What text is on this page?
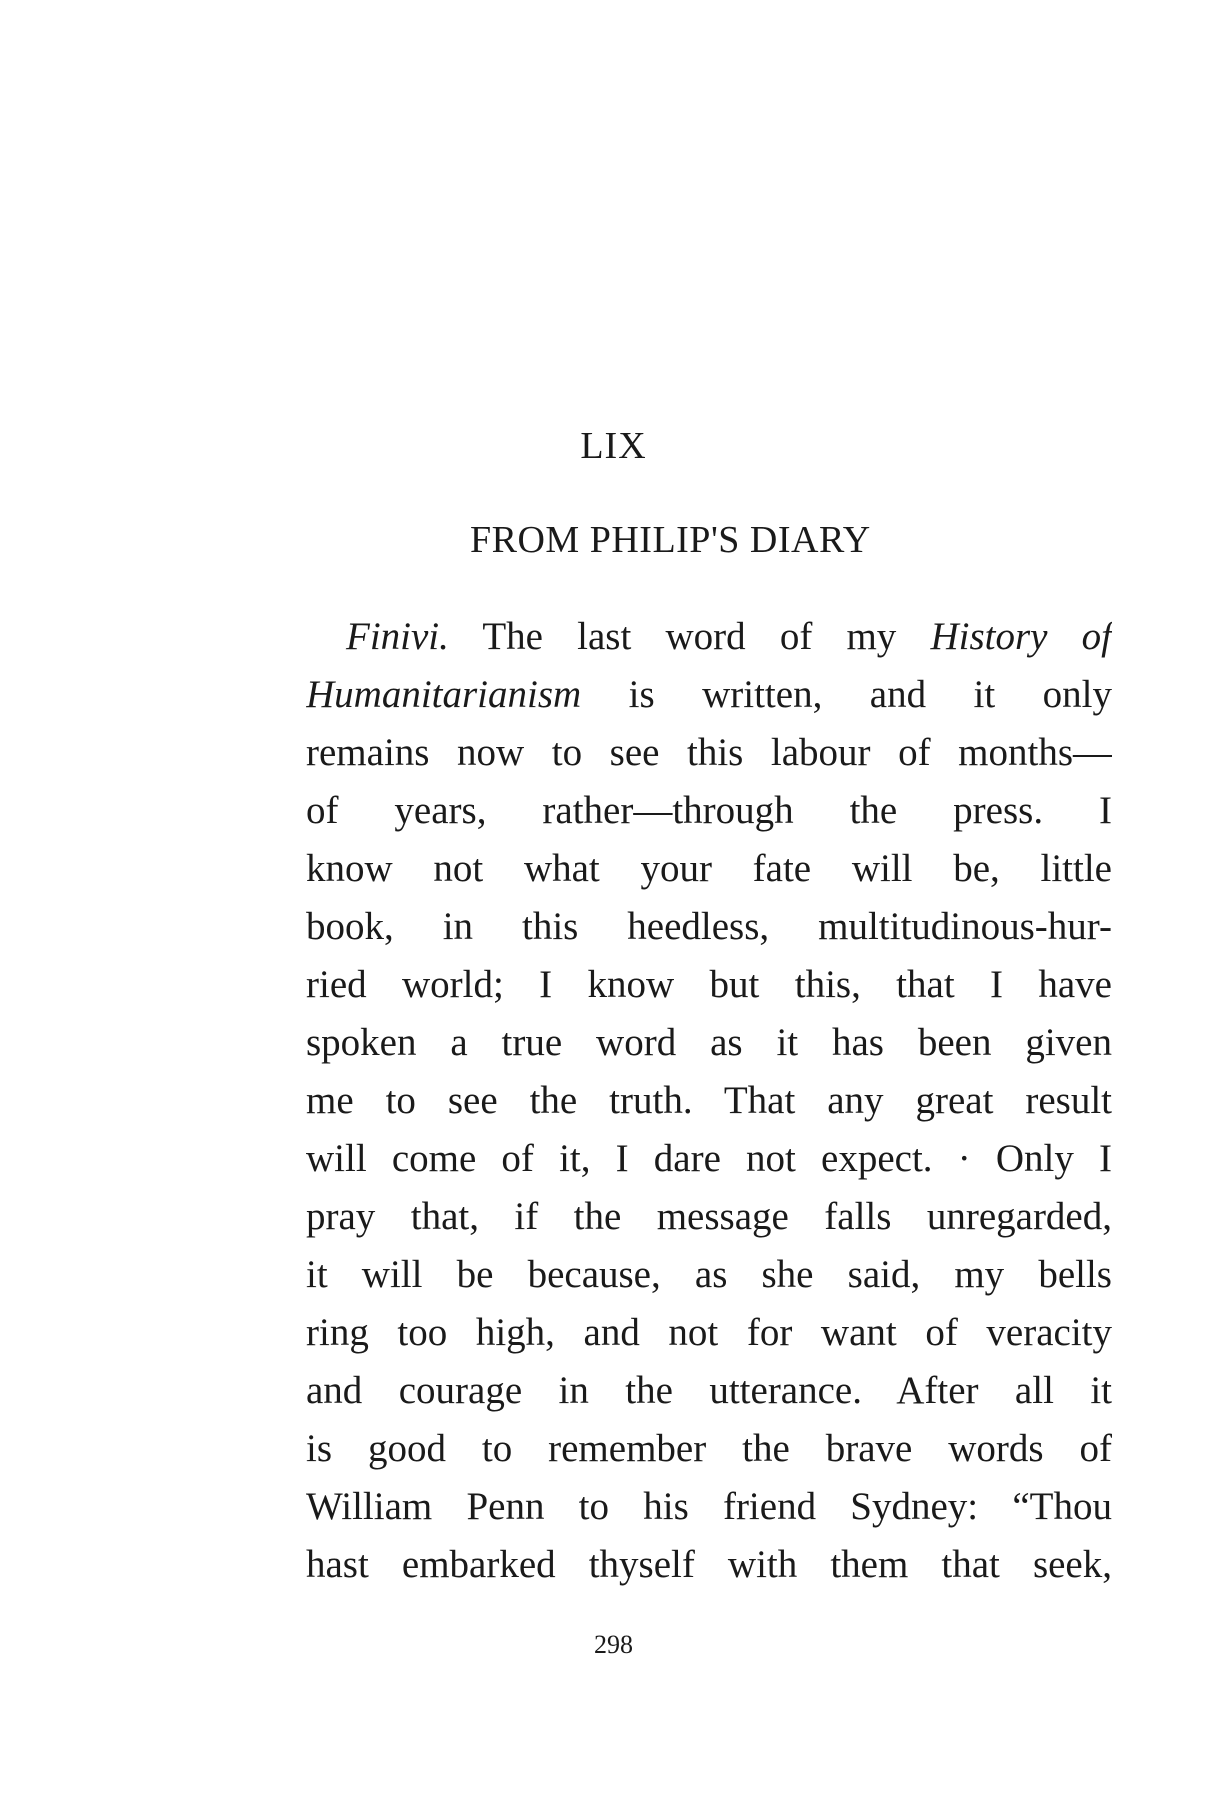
LIX
FROM PHILIP'S DIARY
Finivi. The last word of my History of
Humanitarianism is written, and it only
remains now to see this labour of months—
of years, rather—through the press. I
know not what your fate will be, little
book, in this heedless, multitudinous-hur-
ried world; I know but this, that I have
spoken a true word as it has been given
me to see the truth. That any great result
will come of it, I dare not expect. · Only I
pray that, if the message falls unregarded,
it will be because, as she said, my bells
ring too high, and not for want of veracity
and courage in the utterance. After all it
is good to remember the brave words of
William Penn to his friend Sydney: “Thou
hast embarked thyself with them that seek,
298
